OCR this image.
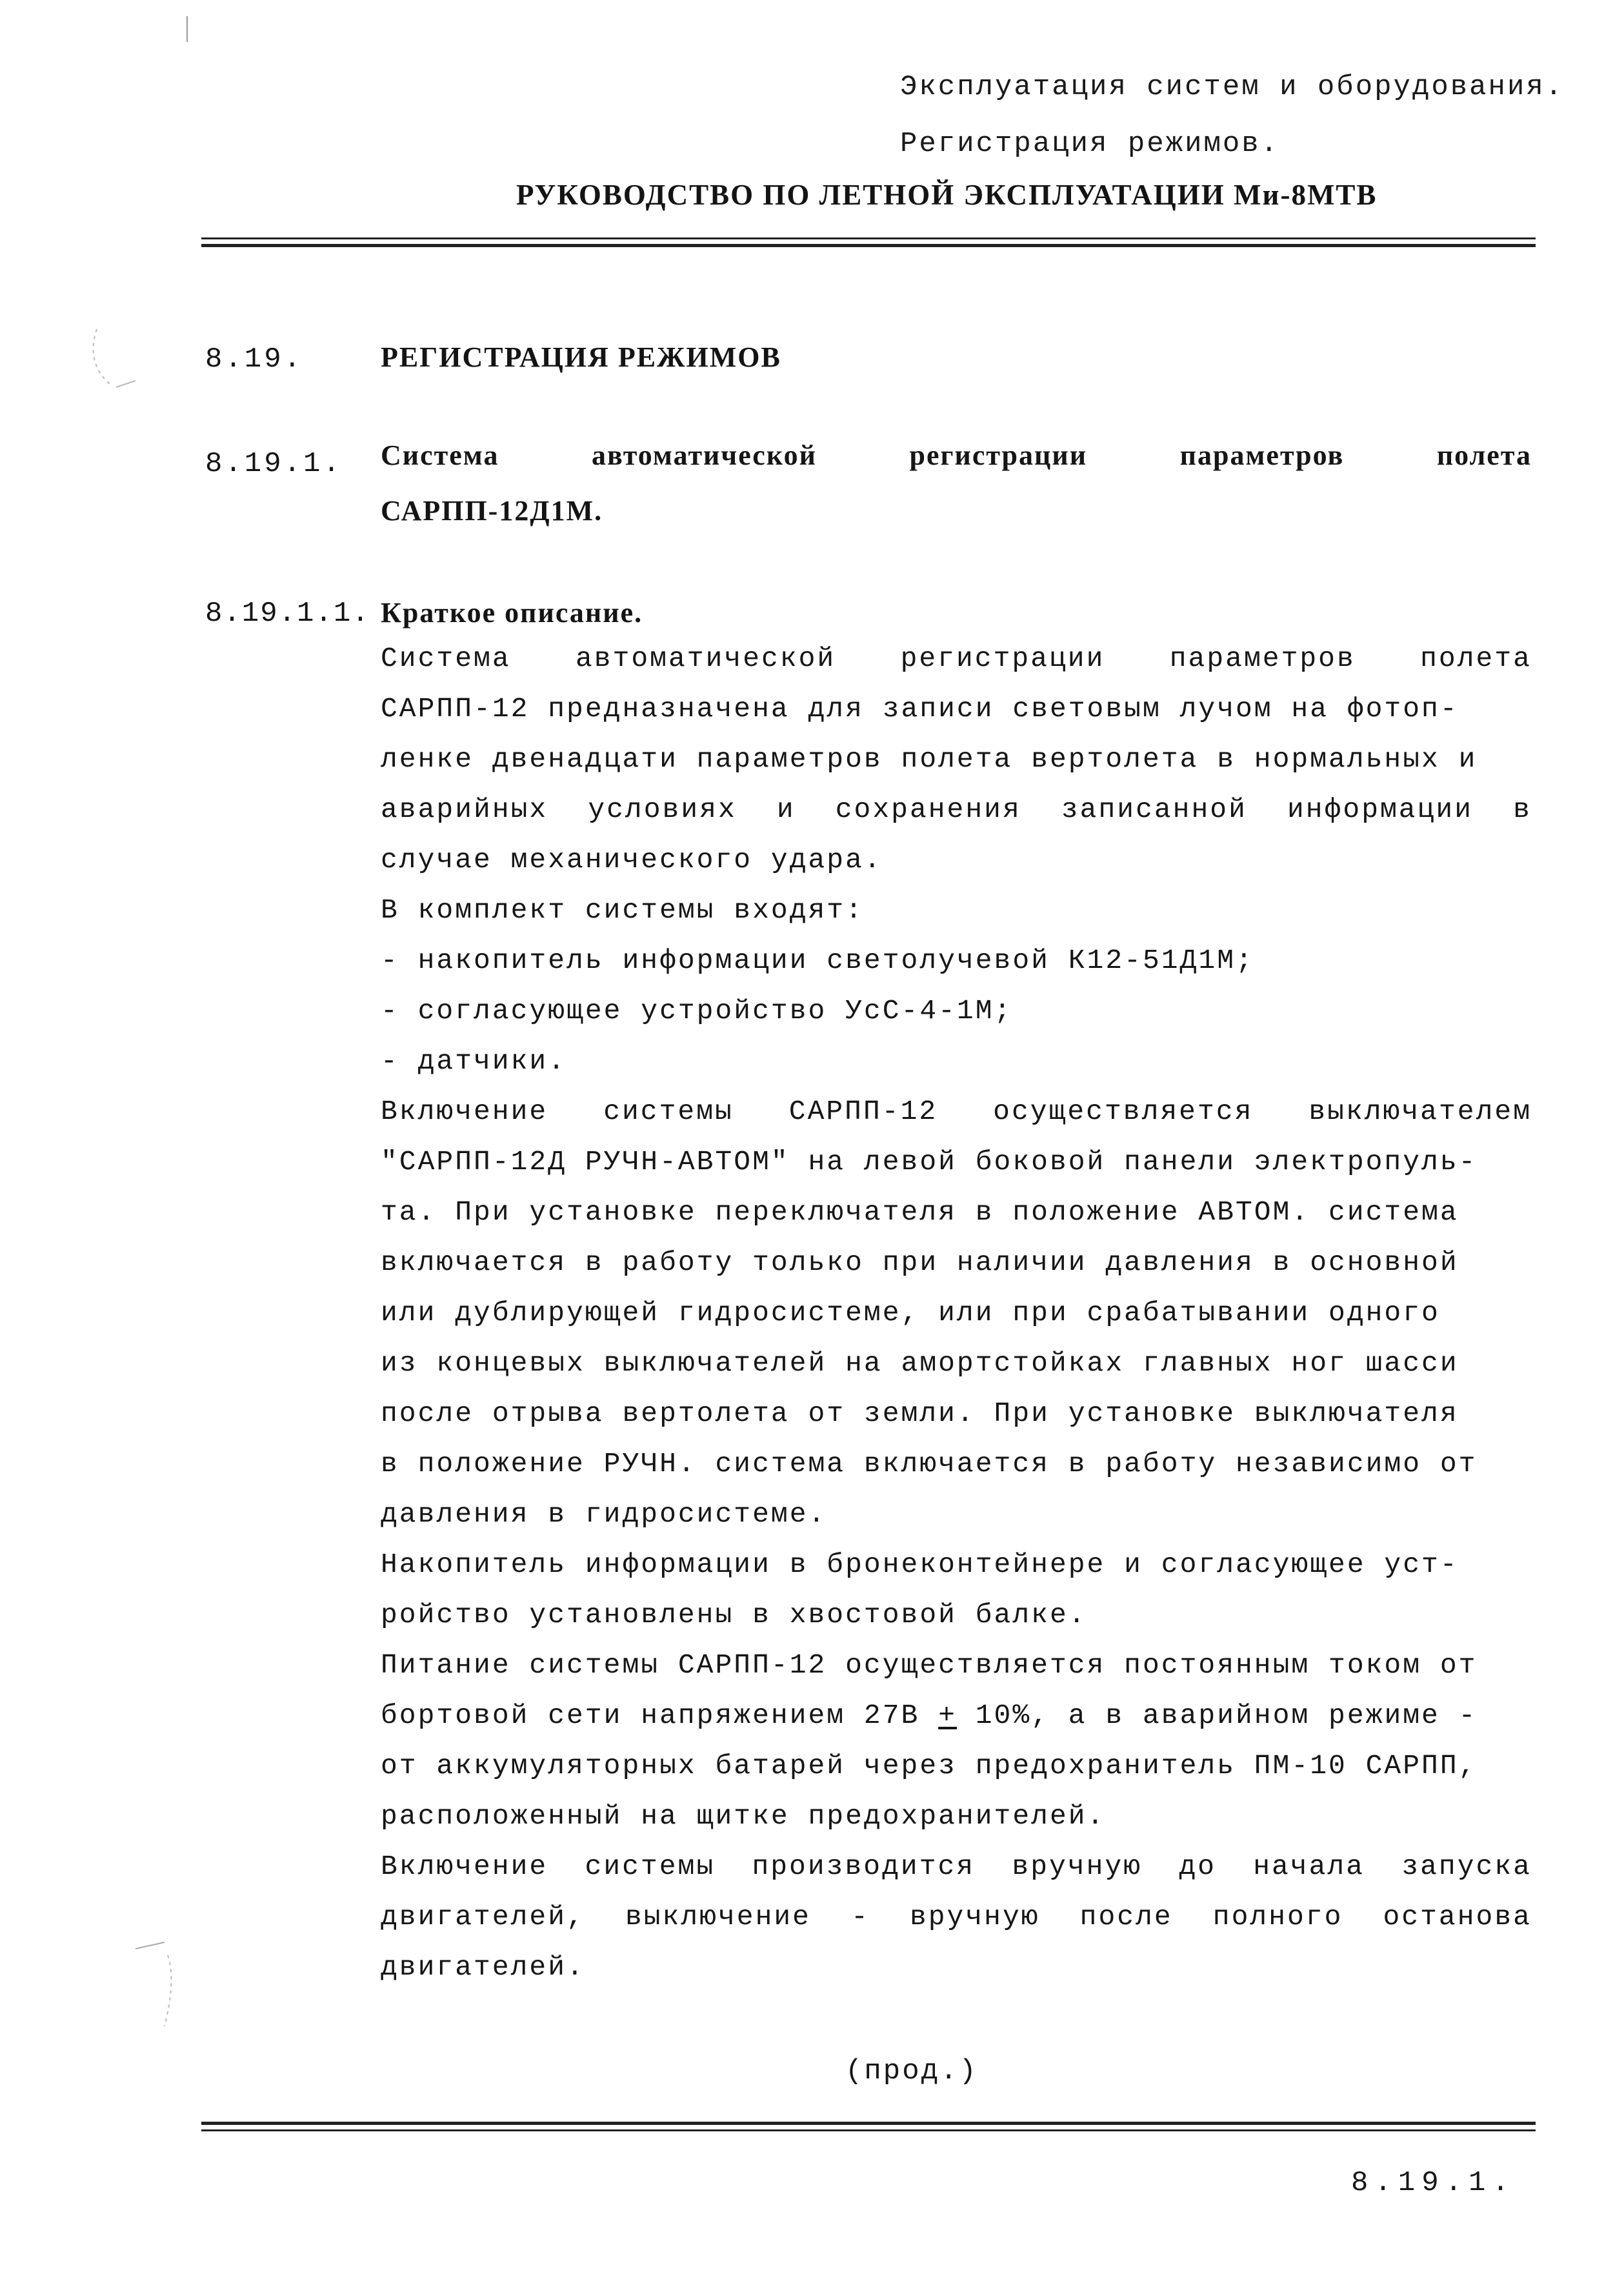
Эксплуатация систем и оборудования.
Регистрация режимов.
РУКОВОДСТВО ПО ЛЕТНОЙ ЭКСПЛУАТАЦИИ Ми-8МТВ
8.19.	РЕГИСТРАЦИЯ РЕЖИМОВ
8.19.1. Система	автоматической	регистрации	параметров	полета
САРПП-12Д1М.
8.19.1.1. Краткое описание.
Система автоматической регистрации параметров полета
САРПП-12 предназначена для записи световым лучом на фотоп-
ленке двенадцати параметров полета вертолета в нормальных и
аварийных условиях и сохранения записанной информации в
случае механического удара.
В комплект системы входят:
- накопитель информации светолучевой К12-51Д1М;
- согласующее устройство УсС-4-1М;
- датчики.
Включение системы САРПП-12 осуществляется выключателем
"САРПП-12Д РУЧН-АВТОМ" на левой боковой панели электропуль-
та. При установке переключателя в положение АВТОМ. система
включается в работу только при наличии давления в основной
или дублирующей гидросистеме, или при срабатывании одного
из концевых выключателей на амортстойках главных ног шасси
после отрыва вертолета от земли. При установке выключателя
в положение РУЧН. система включается в работу независимо от
давления в гидросистеме.
Накопитель информации в бронеконтейнере и согласующее уст-
ройство установлены в хвостовой балке.
Питание системы САРПП-12 осуществляется постоянным током от
бортовой сети напряжением 27В + 10%, а в аварийном режиме -
от аккумуляторных батарей через предохранитель ПМ-10 САРПП,
расположенный на щитке предохранителей.
Включение системы производится вручную до начала запуска
двигателей, выключение - вручную после полного останова
двигателей.
(прод.)
8.19.1.
